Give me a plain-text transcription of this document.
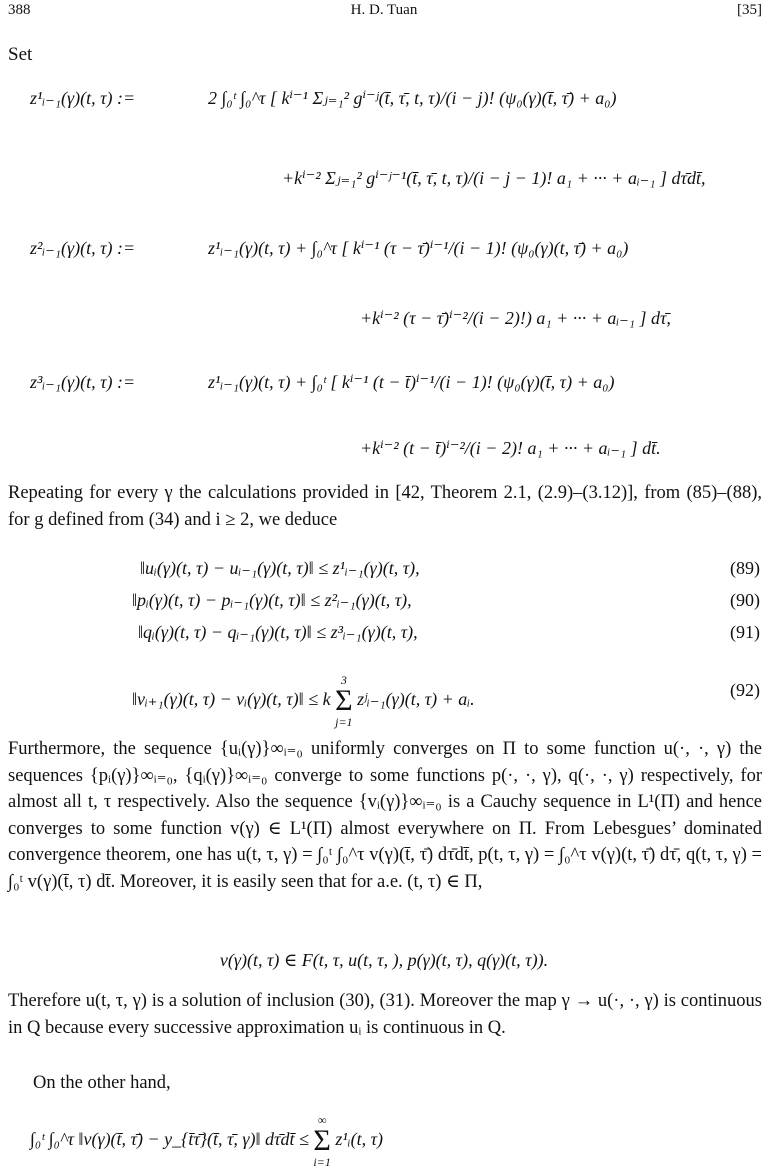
388	H. D. Tuan	[35]
Set
z¹ᵢ₋₁(γ)(t, τ) :=	2 ∫₀ᵗ ∫₀^τ [ kⁱ⁻¹ Σⱼ₌₁² gⁱ⁻ʲ(t̄, τ̄, t, τ)/(i − j)! (ψ₀(γ)(t̄, τ̄) + a₀)
+kⁱ⁻² Σⱼ₌₁² gⁱ⁻ʲ⁻¹(t̄, τ̄, t, τ)/(i − j − 1)! a₁ + ··· + aᵢ₋₁ ] dτ̄dt̄,
z²ᵢ₋₁(γ)(t, τ) :=	z¹ᵢ₋₁(γ)(t, τ) + ∫₀^τ [ kⁱ⁻¹ (τ − τ̄)ⁱ⁻¹/(i − 1)! (ψ₀(γ)(t, τ̄) + a₀)
+kⁱ⁻² (τ − τ̄)ⁱ⁻²/(i − 2)!) a₁ + ··· + aᵢ₋₁ ] dτ̄,
z³ᵢ₋₁(γ)(t, τ) :=	z¹ᵢ₋₁(γ)(t, τ) + ∫₀ᵗ [ kⁱ⁻¹ (t − t̄)ⁱ⁻¹/(i − 1)! (ψ₀(γ)(t̄, τ) + a₀)
+kⁱ⁻² (t − t̄)ⁱ⁻²/(i − 2)! a₁ + ··· + aᵢ₋₁ ] dt̄.
Repeating for every γ the calculations provided in [42, Theorem 2.1, (2.9)–(3.12)], from (85)–(88), for g defined from (34) and i ≥ 2, we deduce
‖uᵢ(γ)(t, τ) − uᵢ₋₁(γ)(t, τ)‖ ≤ z¹ᵢ₋₁(γ)(t, τ),	(89)
‖pᵢ(γ)(t, τ) − pᵢ₋₁(γ)(t, τ)‖ ≤ z²ᵢ₋₁(γ)(t, τ),	(90)
‖qᵢ(γ)(t, τ) − qᵢ₋₁(γ)(t, τ)‖ ≤ z³ᵢ₋₁(γ)(t, τ),	(91)
‖vᵢ₊₁(γ)(t, τ) − vᵢ(γ)(t, τ)‖ ≤ k
3
Σ
j=1
zʲᵢ₋₁(γ)(t, τ) + aᵢ.	(92)
Furthermore, the sequence {uᵢ(γ)}∞ᵢ₌₀ uniformly converges on Π to some function u(·, ·, γ) the sequences {pᵢ(γ)}∞ᵢ₌₀, {qᵢ(γ)}∞ᵢ₌₀ converge to some functions p(·, ·, γ), q(·, ·, γ) respectively, for almost all t, τ respectively. Also the sequence {vᵢ(γ)}∞ᵢ₌₀ is a Cauchy sequence in L¹(Π) and hence converges to some function v(γ) ∈ L¹(Π) almost everywhere on Π. From Lebesgues’ dominated convergence theorem, one has u(t, τ, γ) = ∫₀ᵗ ∫₀^τ v(γ)(t̄, τ̄) dτ̄dt̄, p(t, τ, γ) = ∫₀^τ v(γ)(t, τ̄) dτ̄, q(t, τ, γ) = ∫₀ᵗ v(γ)(t̄, τ) dt̄. Moreover, it is easily seen that for a.e. (t, τ) ∈ Π,
v(γ)(t, τ) ∈ F(t, τ, u(t, τ, ), p(γ)(t, τ), q(γ)(t, τ)).
Therefore u(t, τ, γ) is a solution of inclusion (30), (31). Moreover the map γ → u(·, ·, γ) is continuous in Q because every successive approximation uᵢ is continuous in Q.
On the other hand,
∫₀ᵗ ∫₀^τ ‖v(γ)(t̄, τ̄) − y_{t̄τ̄}(t̄, τ̄, γ)‖ dτ̄dt̄ ≤
∞
Σ
i=1
z¹ᵢ(t, τ)
